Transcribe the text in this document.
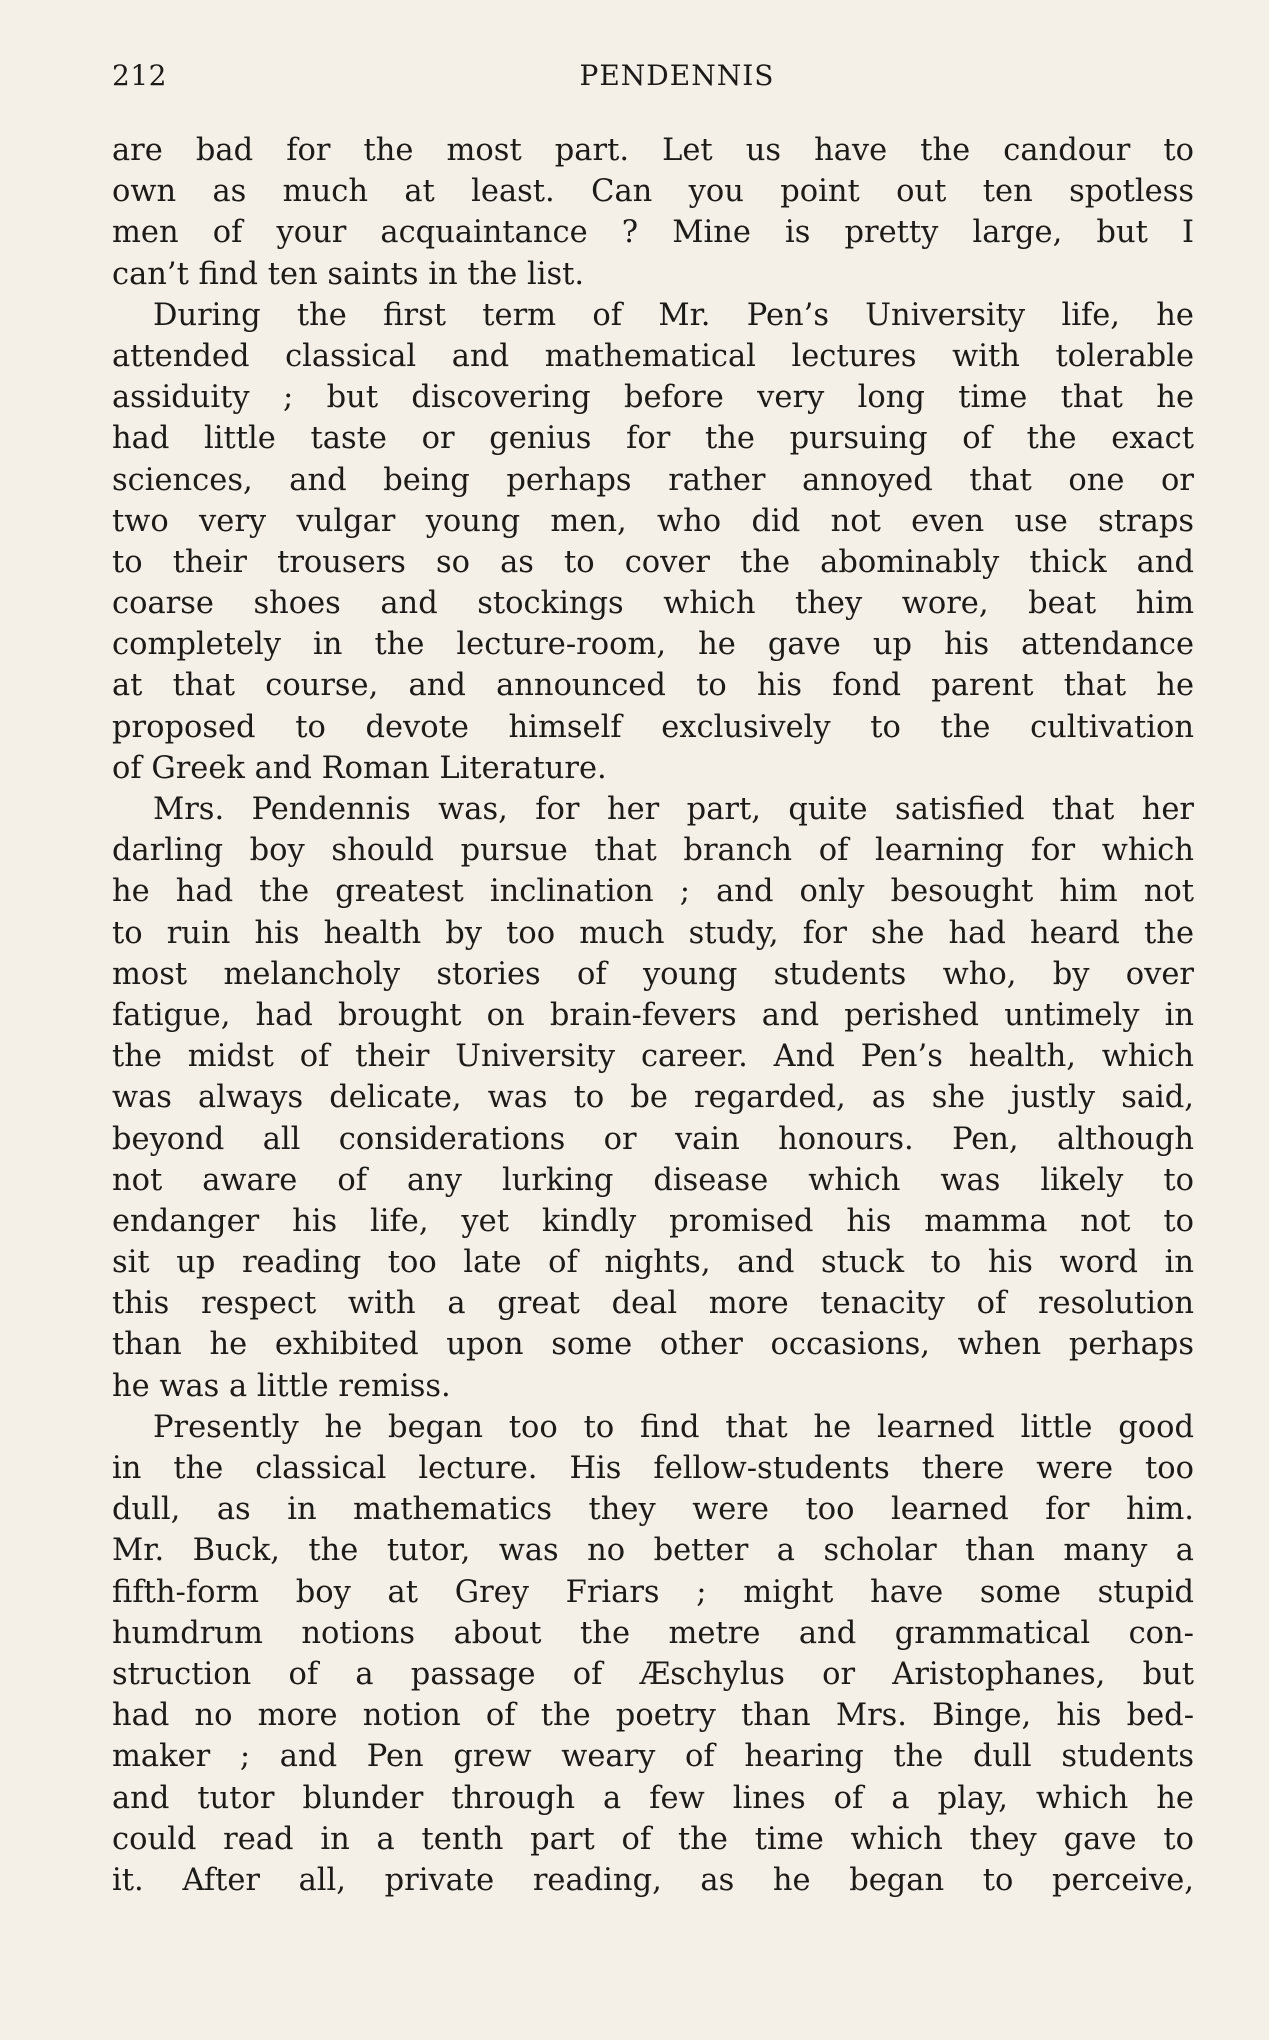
212	PENDENNIS
are bad for the most part. Let us have the candour to
own as much at least. Can you point out ten spotless
men of your acquaintance ? Mine is pretty large, but I
can’t find ten saints in the list.
During the first term of Mr. Pen’s University life, he
attended classical and mathematical lectures with tolerable
assiduity ; but discovering before very long time that he
had little taste or genius for the pursuing of the exact
sciences, and being perhaps rather annoyed that one or
two very vulgar young men, who did not even use straps
to their trousers so as to cover the abominably thick and
coarse shoes and stockings which they wore, beat him
completely in the lecture-room, he gave up his attendance
at that course, and announced to his fond parent that he
proposed to devote himself exclusively to the cultivation
of Greek and Roman Literature.
Mrs. Pendennis was, for her part, quite satisfied that her
darling boy should pursue that branch of learning for which
he had the greatest inclination ; and only besought him not
to ruin his health by too much study, for she had heard the
most melancholy stories of young students who, by over
fatigue, had brought on brain-fevers and perished untimely in
the midst of their University career. And Pen’s health, which
was always delicate, was to be regarded, as she justly said,
beyond all considerations or vain honours. Pen, although
not aware of any lurking disease which was likely to
endanger his life, yet kindly promised his mamma not to
sit up reading too late of nights, and stuck to his word in
this respect with a great deal more tenacity of resolution
than he exhibited upon some other occasions, when perhaps
he was a little remiss.
Presently he began too to find that he learned little good
in the classical lecture. His fellow-students there were too
dull, as in mathematics they were too learned for him.
Mr. Buck, the tutor, was no better a scholar than many a
fifth-form boy at Grey Friars ; might have some stupid
humdrum notions about the metre and grammatical con-
struction of a passage of Æschylus or Aristophanes, but
had no more notion of the poetry than Mrs. Binge, his bed-
maker ; and Pen grew weary of hearing the dull students
and tutor blunder through a few lines of a play, which he
could read in a tenth part of the time which they gave to
it. After all, private reading, as he began to perceive,
